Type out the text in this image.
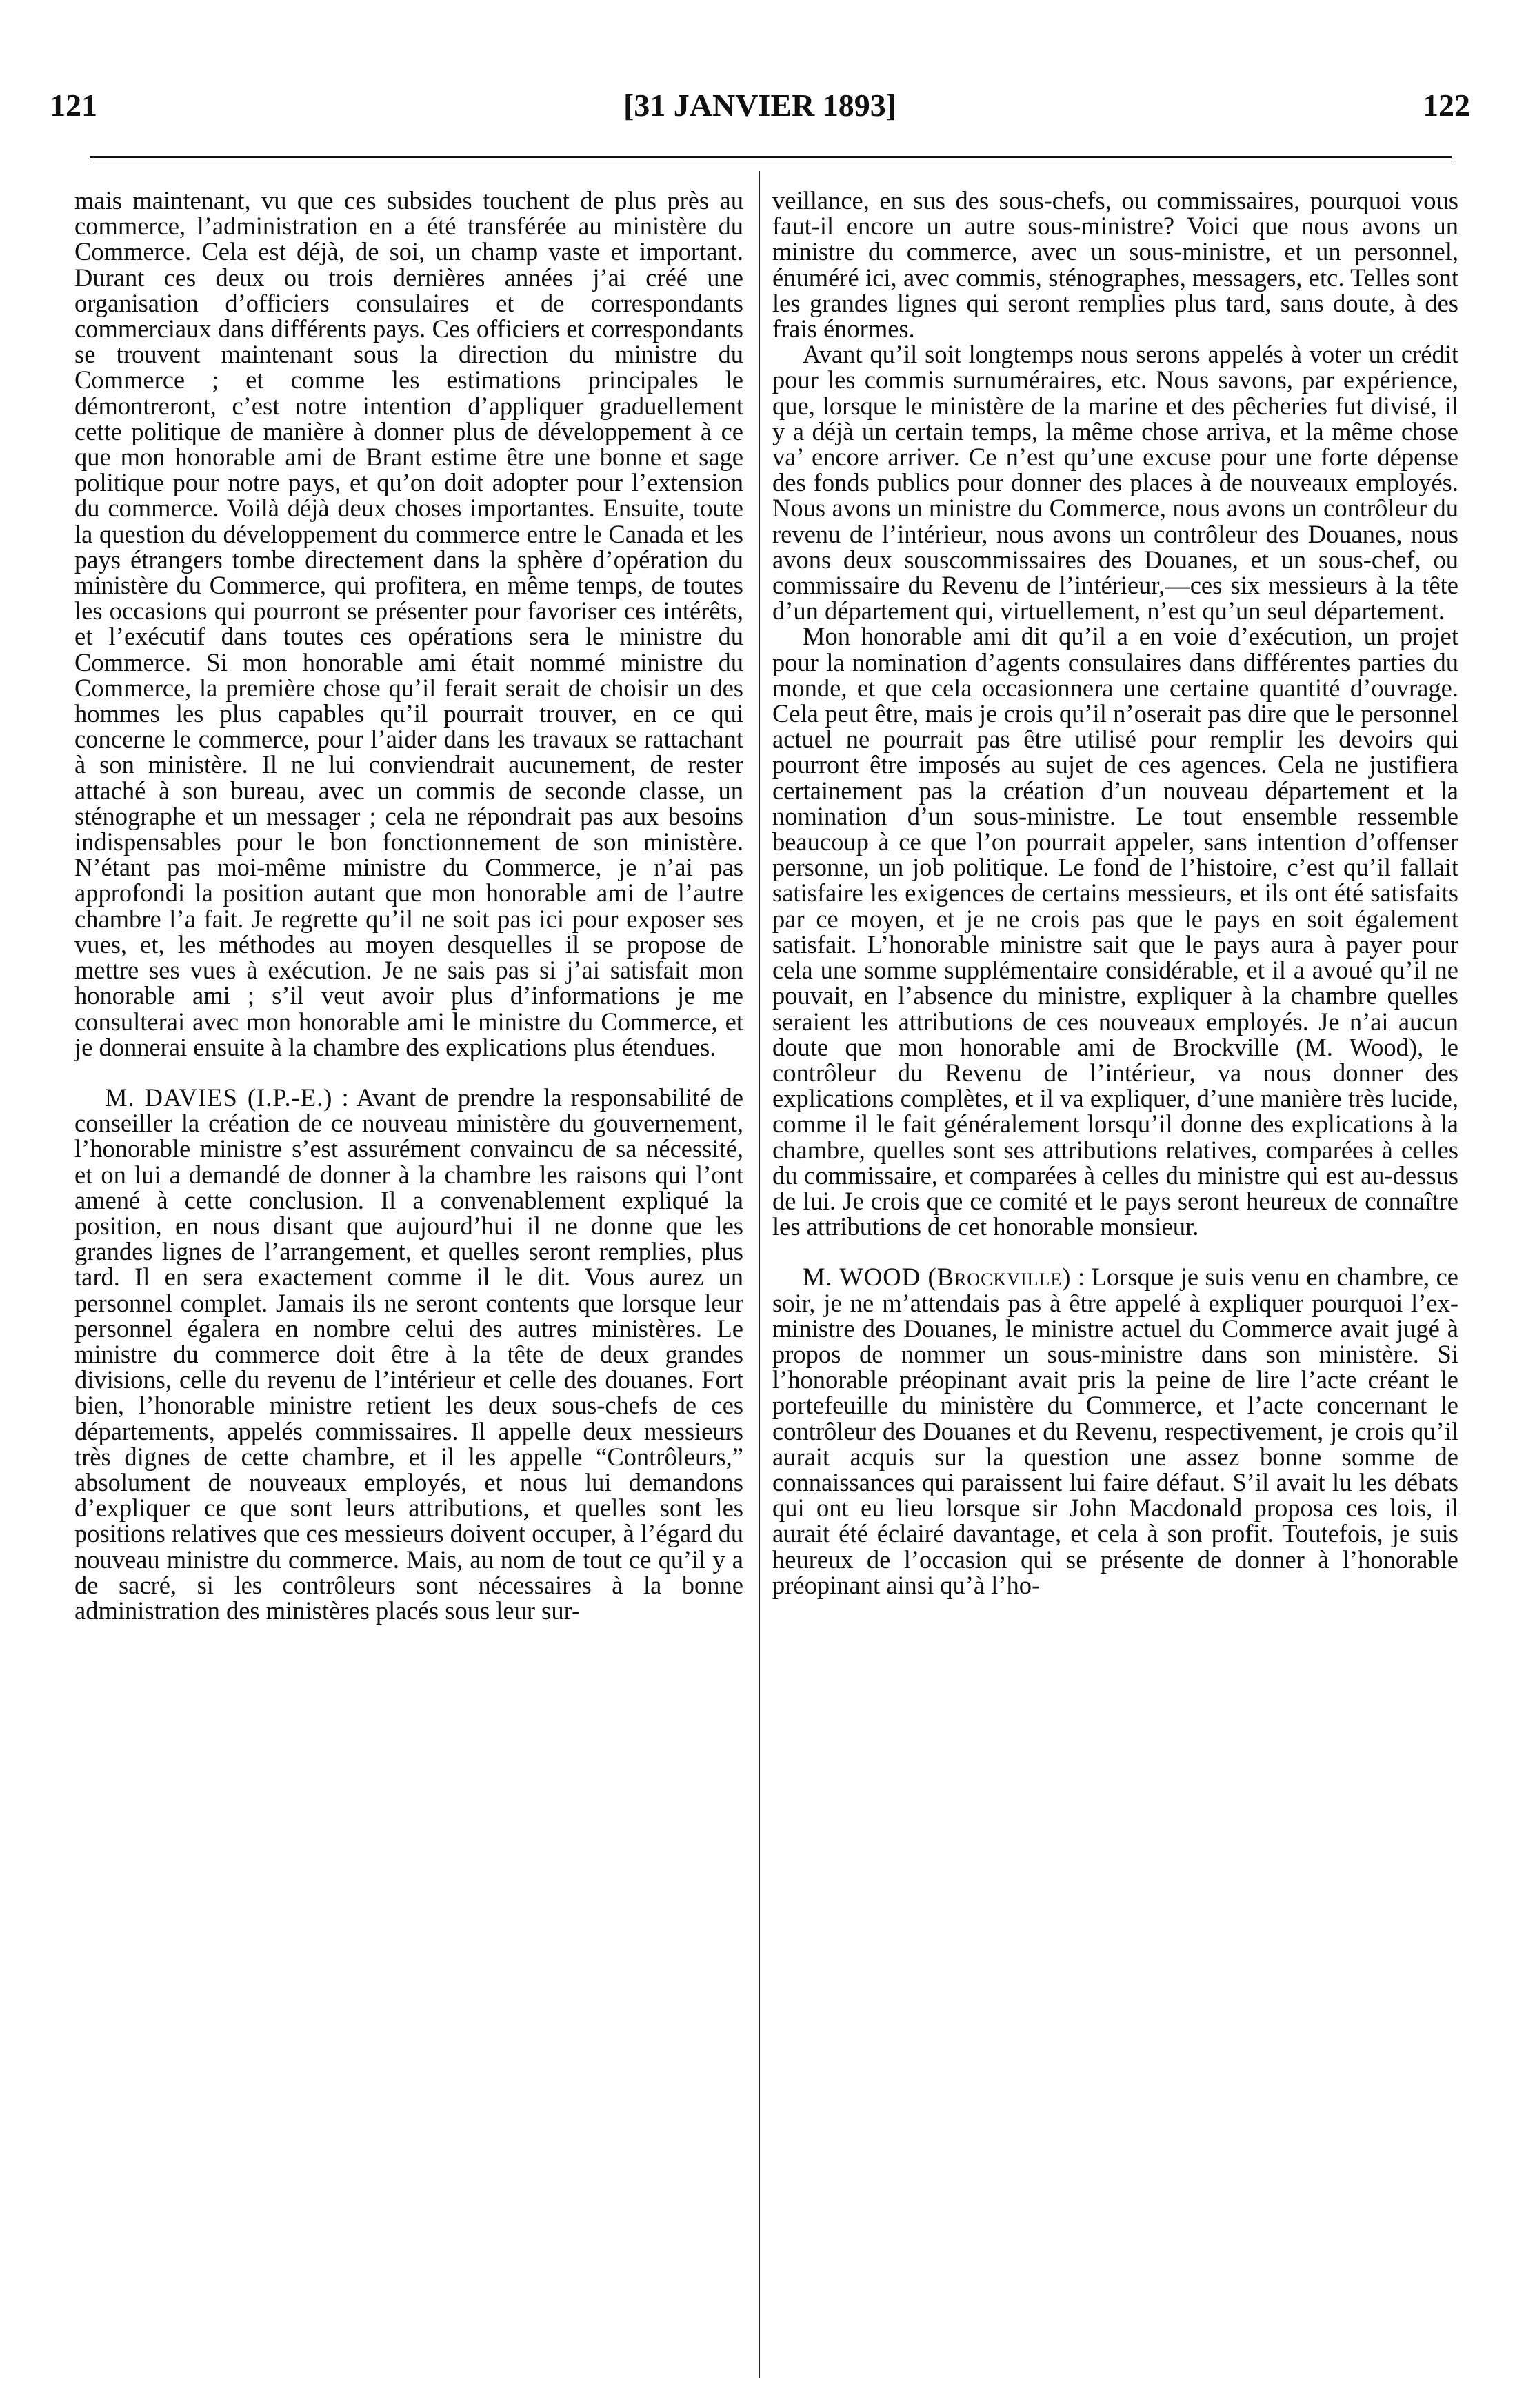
121	[31 JANVIER 1893]	122

mais maintenant, vu que ces subsides touchent de plus près au commerce, l’administration en a été transférée au ministère du Commerce. Cela est déjà, de soi, un champ vaste et important. Durant ces deux ou trois dernières années j’ai créé une organisation d’officiers consulaires et de correspondants commerciaux dans différents pays. Ces officiers et correspondants se trouvent maintenant sous la direction du ministre du Commerce ; et comme les estimations principales le démontreront, c’est notre intention d’appliquer graduellement cette politique de manière à donner plus de développement à ce que mon honorable ami de Brant estime être une bonne et sage politique pour notre pays, et qu’on doit adopter pour l’extension du commerce. Voilà déjà deux choses importantes. Ensuite, toute la question du développement du commerce entre le Canada et les pays étrangers tombe directement dans la sphère d’opération du ministère du Commerce, qui profitera, en même temps, de toutes les occasions qui pourront se présenter pour favoriser ces intérêts, et l’exécutif dans toutes ces opérations sera le ministre du Commerce. Si mon honorable ami était nommé ministre du Commerce, la première chose qu’il ferait serait de choisir un des hommes les plus capables qu’il pourrait trouver, en ce qui concerne le commerce, pour l’aider dans les travaux se rattachant à son ministère. Il ne lui conviendrait aucunement, de rester attaché à son bureau, avec un commis de seconde classe, un sténographe et un messager ; cela ne répondrait pas aux besoins indispensables pour le bon fonctionnement de son ministère. N’étant pas moi-même ministre du Commerce, je n’ai pas approfondi la position autant que mon honorable ami de l’autre chambre l’a fait. Je regrette qu’il ne soit pas ici pour exposer ses vues, et, les méthodes au moyen desquelles il se propose de mettre ses vues à exécution. Je ne sais pas si j’ai satisfait mon honorable ami ; s’il veut avoir plus d’informations je me consulterai avec mon honorable ami le ministre du Commerce, et je donnerai ensuite à la chambre des explications plus étendues.

M. DAVIES (I.P.-E.) : Avant de prendre la responsabilité de conseiller la création de ce nouveau ministère du gouvernement, l’honorable ministre s’est assurément convaincu de sa nécessité, et on lui a demandé de donner à la chambre les raisons qui l’ont amené à cette conclusion. Il a convenablement expliqué la position, en nous disant que aujourd’hui il ne donne que les grandes lignes de l’arrangement, et quelles seront remplies, plus tard. Il en sera exactement comme il le dit. Vous aurez un personnel complet. Jamais ils ne seront contents que lorsque leur personnel égalera en nombre celui des autres ministères. Le ministre du commerce doit être à la tête de deux grandes divisions, celle du revenu de l’intérieur et celle des douanes. Fort bien, l’honorable ministre retient les deux sous-chefs de ces départements, appelés commissaires. Il appelle deux messieurs très dignes de cette chambre, et il les appelle “Contrôleurs,” absolument de nouveaux employés, et nous lui demandons d’expliquer ce que sont leurs attributions, et quelles sont les positions relatives que ces messieurs doivent occuper, à l’égard du nouveau ministre du commerce. Mais, au nom de tout ce qu’il y a de sacré, si les contrôleurs sont nécessaires à la bonne administration des ministères placés sous leur sur-

veillance, en sus des sous-chefs, ou commissaires, pourquoi vous faut-il encore un autre sous-ministre? Voici que nous avons un ministre du commerce, avec un sous-ministre, et un personnel, énuméré ici, avec commis, sténographes, messagers, etc. Telles sont les grandes lignes qui seront remplies plus tard, sans doute, à des frais énormes.

Avant qu’il soit longtemps nous serons appelés à voter un crédit pour les commis surnuméraires, etc. Nous savons, par expérience, que, lorsque le ministère de la marine et des pêcheries fut divisé, il y a déjà un certain temps, la même chose arriva, et la même chose va’ encore arriver. Ce n’est qu’une excuse pour une forte dépense des fonds publics pour donner des places à de nouveaux employés. Nous avons un ministre du Commerce, nous avons un contrôleur du revenu de l’intérieur, nous avons un contrôleur des Douanes, nous avons deux souscommissaires des Douanes, et un sous-chef, ou commissaire du Revenu de l’intérieur,—ces six messieurs à la tête d’un département qui, virtuellement, n’est qu’un seul département.

Mon honorable ami dit qu’il a en voie d’exécution, un projet pour la nomination d’agents consulaires dans différentes parties du monde, et que cela occasionnera une certaine quantité d’ouvrage. Cela peut être, mais je crois qu’il n’oserait pas dire que le personnel actuel ne pourrait pas être utilisé pour remplir les devoirs qui pourront être imposés au sujet de ces agences. Cela ne justifiera certainement pas la création d’un nouveau département et la nomination d’un sous-ministre. Le tout ensemble ressemble beaucoup à ce que l’on pourrait appeler, sans intention d’offenser personne, un job politique. Le fond de l’histoire, c’est qu’il fallait satisfaire les exigences de certains messieurs, et ils ont été satisfaits par ce moyen, et je ne crois pas que le pays en soit également satisfait. L’honorable ministre sait que le pays aura à payer pour cela une somme supplémentaire considérable, et il a avoué qu’il ne pouvait, en l’absence du ministre, expliquer à la chambre quelles seraient les attributions de ces nouveaux employés. Je n’ai aucun doute que mon honorable ami de Brockville (M. Wood), le contrôleur du Revenu de l’intérieur, va nous donner des explications complètes, et il va expliquer, d’une manière très lucide, comme il le fait généralement lorsqu’il donne des explications à la chambre, quelles sont ses attributions relatives, comparées à celles du commissaire, et comparées à celles du ministre qui est au-dessus de lui. Je crois que ce comité et le pays seront heureux de connaître les attributions de cet honorable monsieur.

M. WOOD (Brockville) : Lorsque je suis venu en chambre, ce soir, je ne m’attendais pas à être appelé à expliquer pourquoi l’ex-ministre des Douanes, le ministre actuel du Commerce avait jugé à propos de nommer un sous-ministre dans son ministère. Si l’honorable préopinant avait pris la peine de lire l’acte créant le portefeuille du ministère du Commerce, et l’acte concernant le contrôleur des Douanes et du Revenu, respectivement, je crois qu’il aurait acquis sur la question une assez bonne somme de connaissances qui paraissent lui faire défaut. S’il avait lu les débats qui ont eu lieu lorsque sir John Macdonald proposa ces lois, il aurait été éclairé davantage, et cela à son profit. Toutefois, je suis heureux de l’occasion qui se présente de donner à l’honorable préopinant ainsi qu’à l’ho-
